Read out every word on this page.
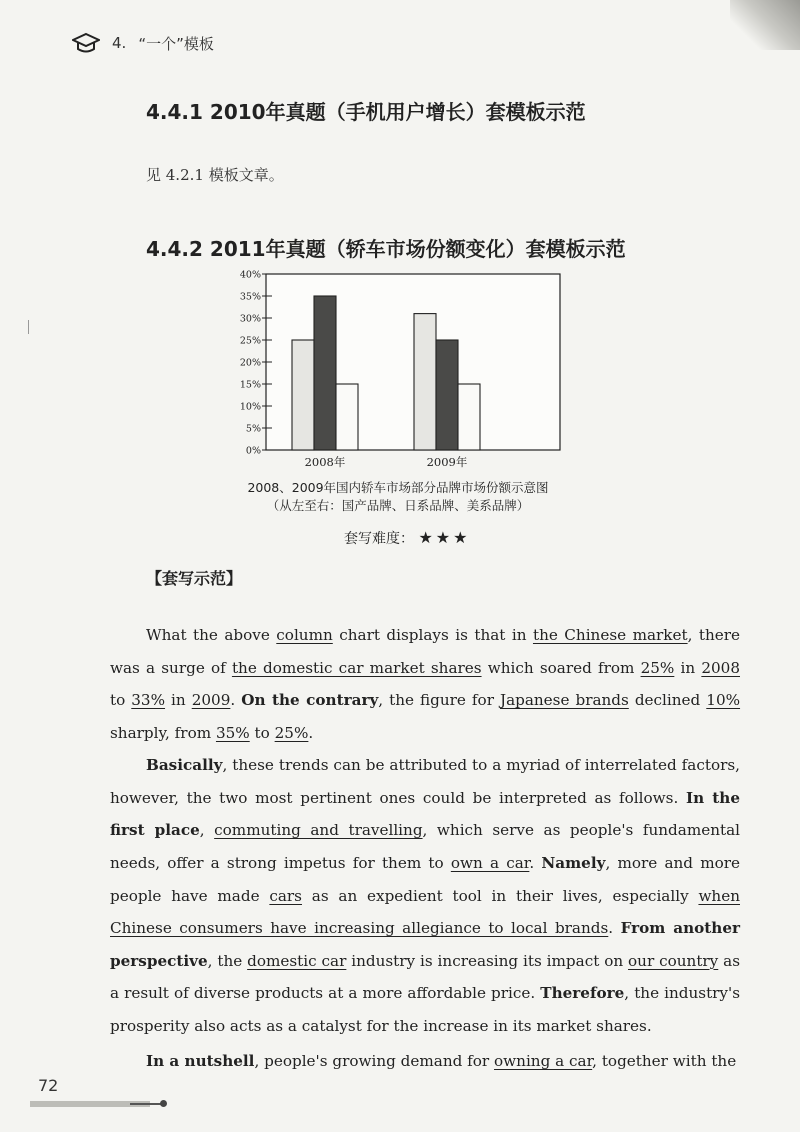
4. “一个”模板
4.4.1 2010年真题（手机用户增长）套模板示范
见 4.2.1 模板文章。
4.4.2 2011年真题（轿车市场份额变化）套模板示范
0%
5%
10%
15%
20%
25%
30%
35%
40%
2008年	2009年
2008、2009年国内轿车市场部分品牌市场份额示意图
（从左至右：国产品牌、日系品牌、美系品牌）
套写难度： ★★★
【套写示范】

What the above column chart displays is that in the Chinese market, there was a surge of the domestic car market shares which soared from 25% in 2008 to 33% in 2009. On the contrary, the figure for Japanese brands declined 10% sharply, from 35% to 25%.

Basically, these trends can be attributed to a myriad of interrelated factors, however, the two most pertinent ones could be interpreted as follows. In the first place, commuting and travelling, which serve as people's fundamental needs, offer a strong impetus for them to own a car. Namely, more and more people have made cars as an expedient tool in their lives, especially when Chinese consumers have increasing allegiance to local brands. From another perspective, the domestic car industry is increasing its impact on our country as a result of diverse products at a more affordable price. Therefore, the industry's prosperity also acts as a catalyst for the increase in its market shares.

In a nutshell, people's growing demand for owning a car, together with the

72
